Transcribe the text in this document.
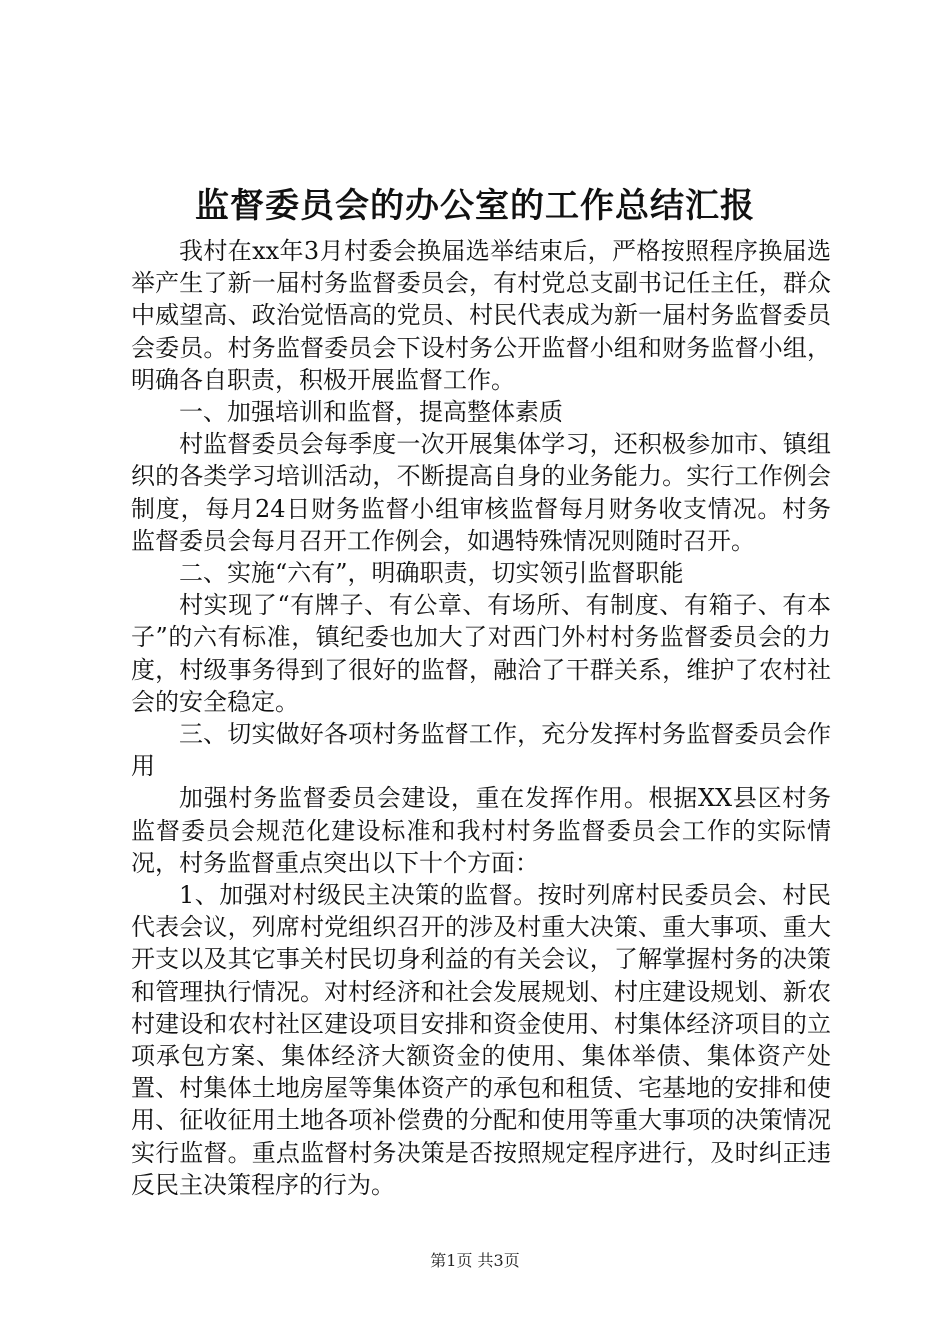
监督委员会的办公室的工作总结汇报

我村在xx年3月村委会换届选举结束后，严格按照程序换届选举产生了新一届村务监督委员会，有村党总支副书记任主任，群众中威望高、政治觉悟高的党员、村民代表成为新一届村务监督委员会委员。村务监督委员会下设村务公开监督小组和财务监督小组，明确各自职责，积极开展监督工作。

一、加强培训和监督，提高整体素质

村监督委员会每季度一次开展集体学习，还积极参加市、镇组织的各类学习培训活动，不断提高自身的业务能力。实行工作例会制度，每月24日财务监督小组审核监督每月财务收支情况。村务监督委员会每月召开工作例会，如遇特殊情况则随时召开。

二、实施“六有”，明确职责，切实领引监督职能

村实现了“有牌子、有公章、有场所、有制度、有箱子、有本子”的六有标准，镇纪委也加大了对西门外村村务监督委员会的力度，村级事务得到了很好的监督，融洽了干群关系，维护了农村社会的安全稳定。

三、切实做好各项村务监督工作，充分发挥村务监督委员会作用

加强村务监督委员会建设，重在发挥作用。根据XX县区村务监督委员会规范化建设标准和我村村务监督委员会工作的实际情况，村务监督重点突出以下十个方面：

1、加强对村级民主决策的监督。按时列席村民委员会、村民代表会议，列席村党组织召开的涉及村重大决策、重大事项、重大开支以及其它事关村民切身利益的有关会议，了解掌握村务的决策和管理执行情况。对村经济和社会发展规划、村庄建设规划、新农村建设和农村社区建设项目安排和资金使用、村集体经济项目的立项承包方案、集体经济大额资金的使用、集体举债、集体资产处置、村集体土地房屋等集体资产的承包和租赁、宅基地的安排和使用、征收征用土地各项补偿费的分配和使用等重大事项的决策情况实行监督。重点监督村务决策是否按照规定程序进行，及时纠正违反民主决策程序的行为。

第1页 共3页
